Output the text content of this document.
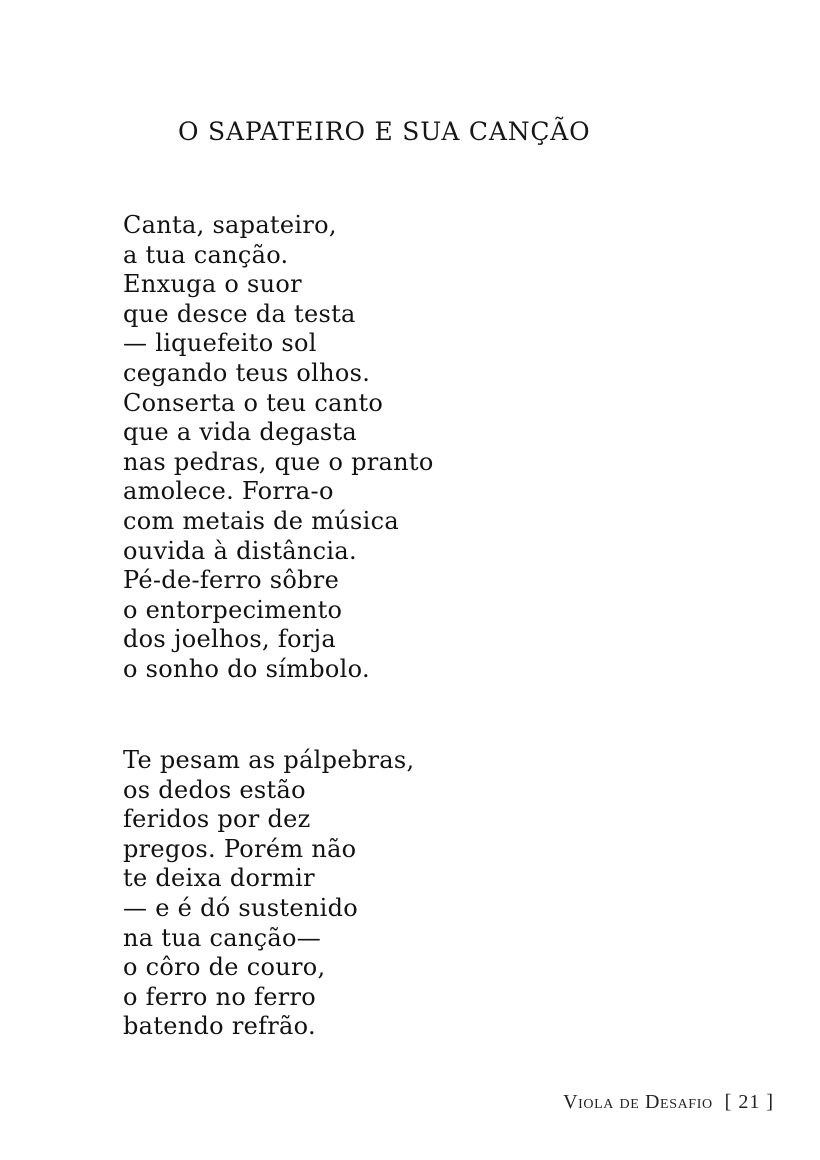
O SAPATEIRO E SUA CANÇÃO
Canta, sapateiro,
a tua canção.
Enxuga o suor
que desce da testa
— liquefeito sol
cegando teus olhos.
Conserta o teu canto
que a vida degasta
nas pedras, que o pranto
amolece. Forra-o
com metais de música
ouvida à distância.
Pé-de-ferro sôbre
o entorpecimento
dos joelhos, forja
o sonho do símbolo.
Te pesam as pálpebras,
os dedos estão
feridos por dez
pregos. Porém não
te deixa dormir
— e é dó sustenido
na tua canção—
o côro de couro,
o ferro no ferro
batendo refrão.
Viola de Desafio [ 21 ]
